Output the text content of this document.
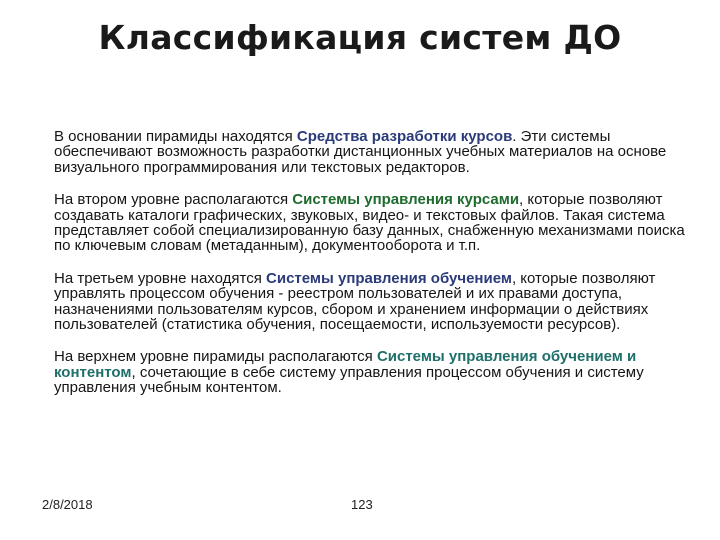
Классификация систем ДО

В основании пирамиды находятся Средства разработки курсов. Эти системы обеспечивают возможность разработки дистанционных учебных материалов на основе визуального программирования или текстовых редакторов.

На втором уровне располагаются Системы управления курсами, которые позволяют создавать каталоги графических, звуковых, видео- и текстовых файлов. Такая система представляет собой специализированную базу данных, снабженную механизмами поиска по ключевым словам (метаданным), документооборота и т.п.

На третьем уровне находятся Системы управления обучением, которые позволяют управлять процессом обучения - реестром пользователей и их правами доступа, назначениями пользователям курсов, сбором и хранением информации о действиях пользователей (статистика обучения, посещаемости, используемости ресурсов).

На верхнем уровне пирамиды располагаются Системы управления обучением и контентом, сочетающие в себе систему управления процессом обучения и систему управления учебным контентом.

2/8/2018	123
